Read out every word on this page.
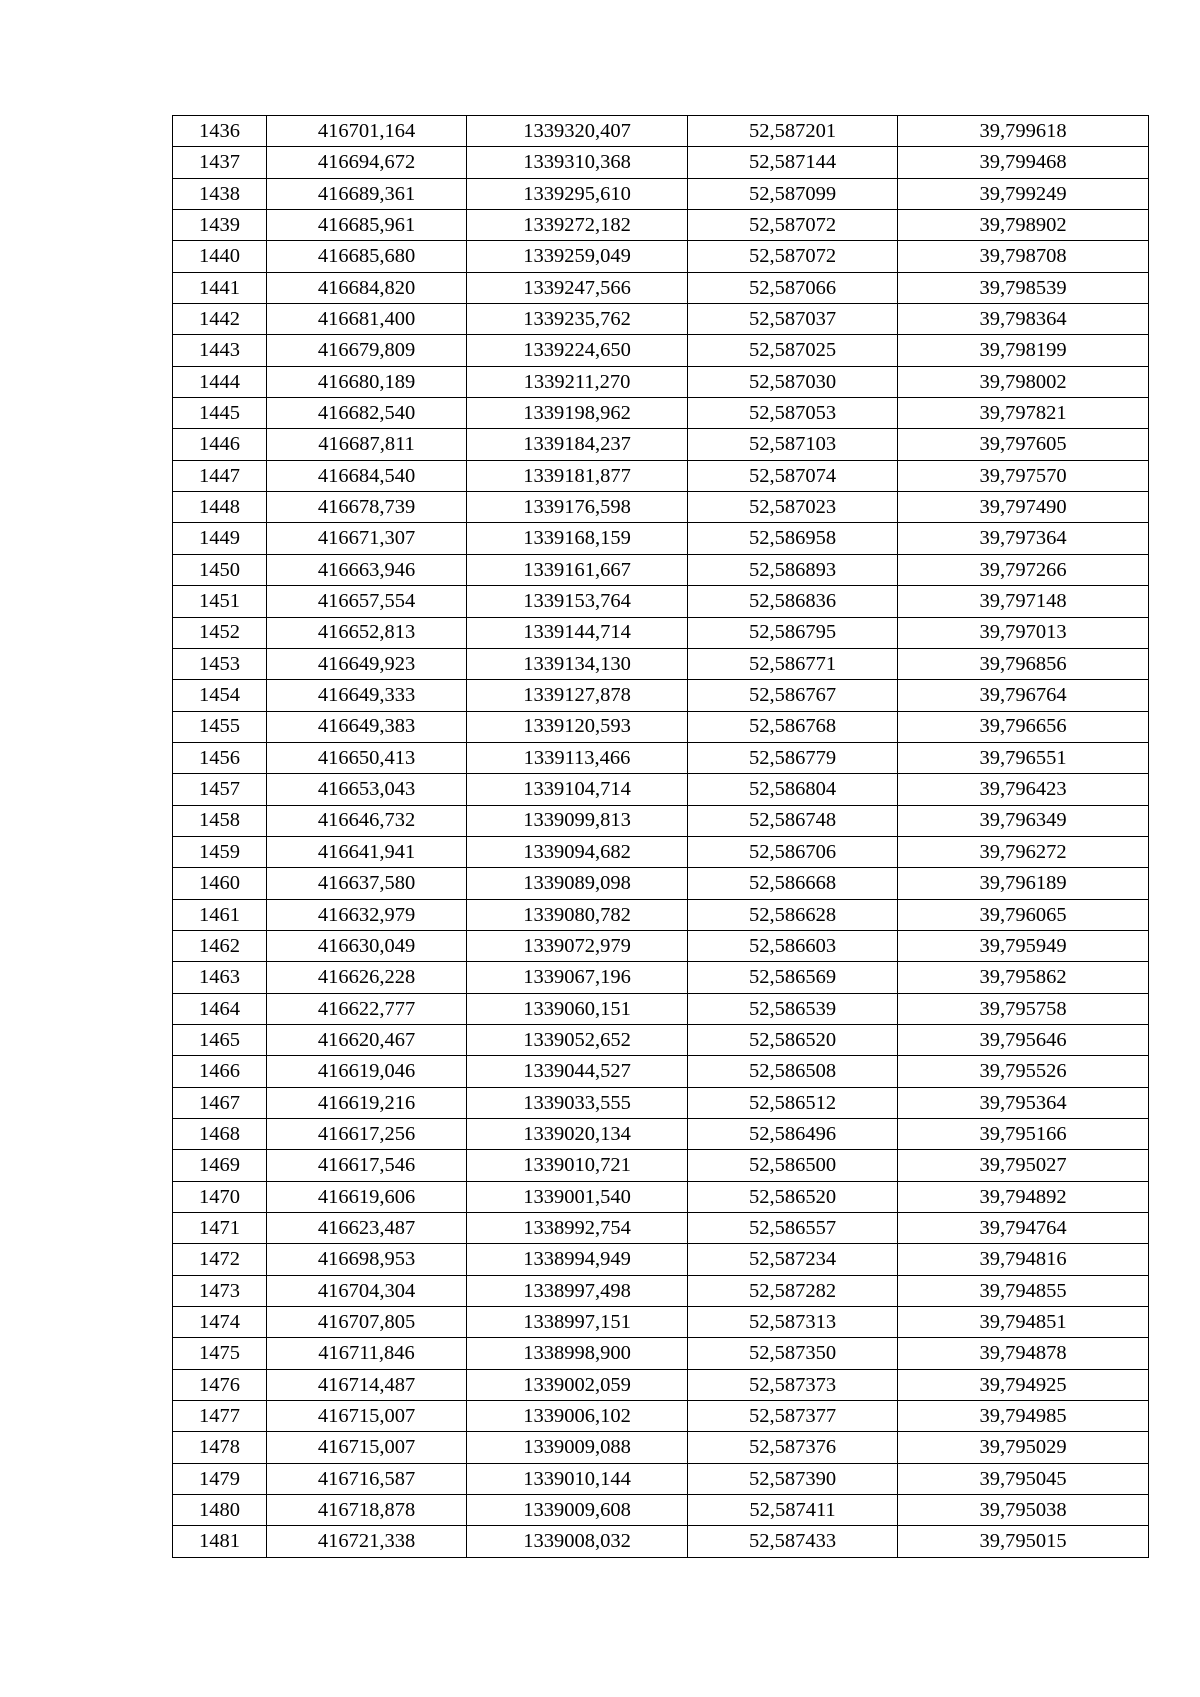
1436	416701,164	1339320,407	52,587201	39,799618
1437	416694,672	1339310,368	52,587144	39,799468
1438	416689,361	1339295,610	52,587099	39,799249
1439	416685,961	1339272,182	52,587072	39,798902
1440	416685,680	1339259,049	52,587072	39,798708
1441	416684,820	1339247,566	52,587066	39,798539
1442	416681,400	1339235,762	52,587037	39,798364
1443	416679,809	1339224,650	52,587025	39,798199
1444	416680,189	1339211,270	52,587030	39,798002
1445	416682,540	1339198,962	52,587053	39,797821
1446	416687,811	1339184,237	52,587103	39,797605
1447	416684,540	1339181,877	52,587074	39,797570
1448	416678,739	1339176,598	52,587023	39,797490
1449	416671,307	1339168,159	52,586958	39,797364
1450	416663,946	1339161,667	52,586893	39,797266
1451	416657,554	1339153,764	52,586836	39,797148
1452	416652,813	1339144,714	52,586795	39,797013
1453	416649,923	1339134,130	52,586771	39,796856
1454	416649,333	1339127,878	52,586767	39,796764
1455	416649,383	1339120,593	52,586768	39,796656
1456	416650,413	1339113,466	52,586779	39,796551
1457	416653,043	1339104,714	52,586804	39,796423
1458	416646,732	1339099,813	52,586748	39,796349
1459	416641,941	1339094,682	52,586706	39,796272
1460	416637,580	1339089,098	52,586668	39,796189
1461	416632,979	1339080,782	52,586628	39,796065
1462	416630,049	1339072,979	52,586603	39,795949
1463	416626,228	1339067,196	52,586569	39,795862
1464	416622,777	1339060,151	52,586539	39,795758
1465	416620,467	1339052,652	52,586520	39,795646
1466	416619,046	1339044,527	52,586508	39,795526
1467	416619,216	1339033,555	52,586512	39,795364
1468	416617,256	1339020,134	52,586496	39,795166
1469	416617,546	1339010,721	52,586500	39,795027
1470	416619,606	1339001,540	52,586520	39,794892
1471	416623,487	1338992,754	52,586557	39,794764
1472	416698,953	1338994,949	52,587234	39,794816
1473	416704,304	1338997,498	52,587282	39,794855
1474	416707,805	1338997,151	52,587313	39,794851
1475	416711,846	1338998,900	52,587350	39,794878
1476	416714,487	1339002,059	52,587373	39,794925
1477	416715,007	1339006,102	52,587377	39,794985
1478	416715,007	1339009,088	52,587376	39,795029
1479	416716,587	1339010,144	52,587390	39,795045
1480	416718,878	1339009,608	52,587411	39,795038
1481	416721,338	1339008,032	52,587433	39,795015
